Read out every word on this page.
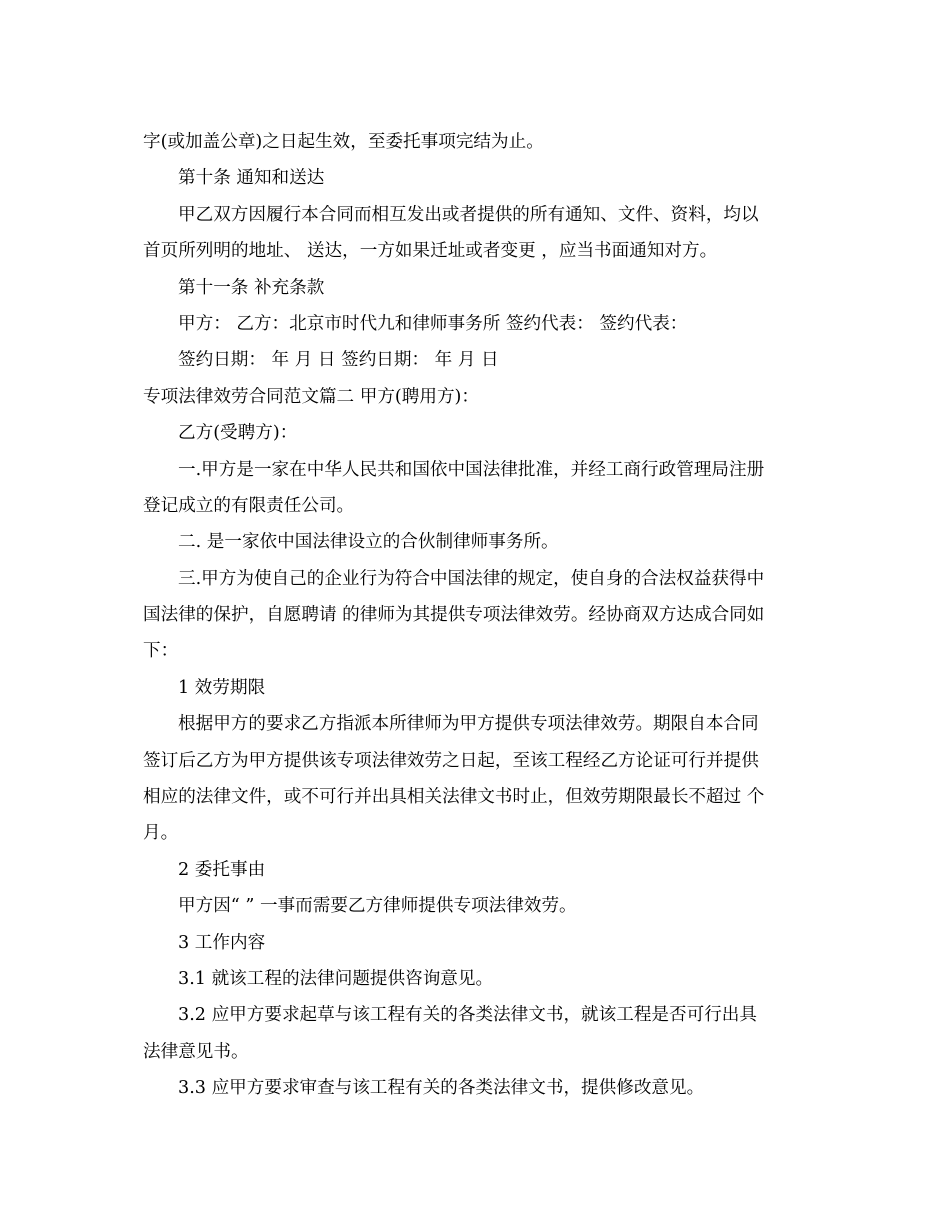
字(或加盖公章)之日起生效，至委托事项完结为止。
第十条 通知和送达
甲乙双方因履行本合同而相互发出或者提供的所有通知、文件、资料，均以
首页所列明的地址、 送达，一方如果迁址或者变更 ，应当书面通知对方。
第十一条 补充条款
甲方： 乙方：北京市时代九和律师事务所 签约代表： 签约代表：
签约日期： 年 月 日 签约日期： 年 月 日
专项法律效劳合同范文篇二 甲方(聘用方)：
乙方(受聘方)：
一.甲方是一家在中华人民共和国依中国法律批准，并经工商行政管理局注册
登记成立的有限责任公司。
二. 是一家依中国法律设立的合伙制律师事务所。
三.甲方为使自己的企业行为符合中国法律的规定，使自身的合法权益获得中
国法律的保护，自愿聘请 的律师为其提供专项法律效劳。经协商双方达成合同如
下：
1 效劳期限
根据甲方的要求乙方指派本所律师为甲方提供专项法律效劳。期限自本合同
签订后乙方为甲方提供该专项法律效劳之日起，至该工程经乙方论证可行并提供
相应的法律文件，或不可行并出具相关法律文书时止，但效劳期限最长不超过 个
月。
2 委托事由
甲方因“ ” 一事而需要乙方律师提供专项法律效劳。
3 工作内容
3.1 就该工程的法律问题提供咨询意见。
3.2 应甲方要求起草与该工程有关的各类法律文书，就该工程是否可行出具
法律意见书。
3.3 应甲方要求审查与该工程有关的各类法律文书，提供修改意见。
